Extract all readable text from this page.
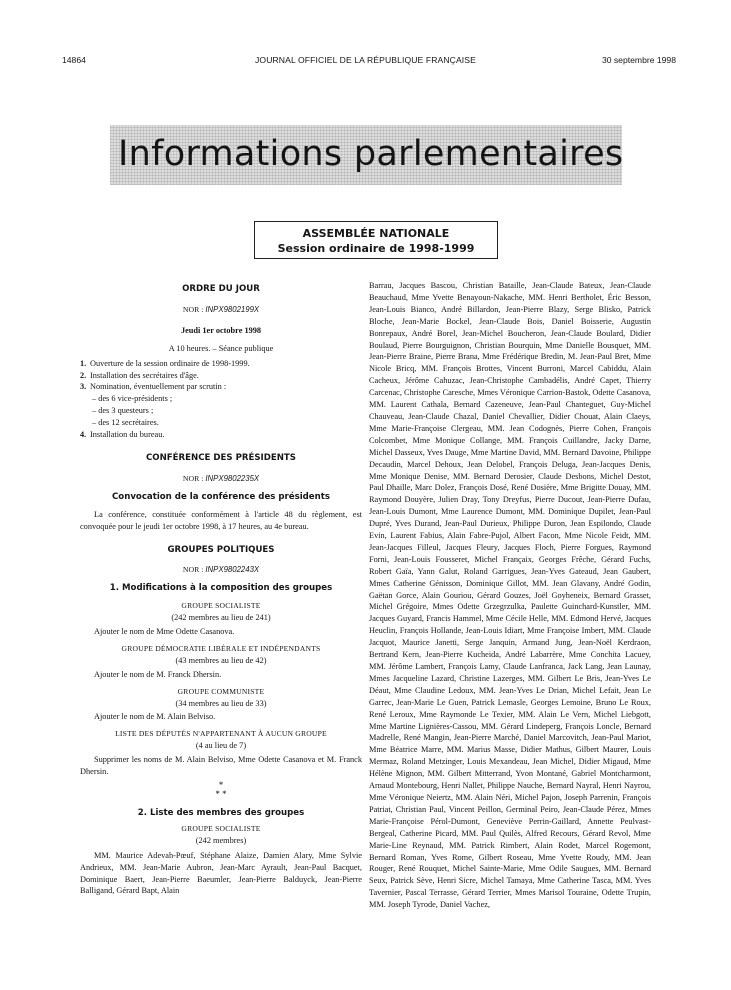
14864	JOURNAL OFFICIEL DE LA RÉPUBLIQUE FRANÇAISE	30 septembre 1998
Informations parlementaires
ASSEMBLÉE NATIONALE
Session ordinaire de 1998-1999
ORDRE DU JOUR
NOR : INPX9802199X
Jeudi 1er octobre 1998
A 10 heures. – Séance publique
1. Ouverture de la session ordinaire de 1998-1999.
2. Installation des secrétaires d'âge.
3. Nomination, éventuellement par scrutin :
– des 6 vice-présidents ;
– des 3 questeurs ;
– des 12 secrétaires.
4. Installation du bureau.
CONFÉRENCE DES PRÉSIDENTS
NOR : INPX9802235X
Convocation de la conférence des présidents
La conférence, constituée conformément à l'article 48 du règlement, est convoquée pour le jeudi 1er octobre 1998, à 17 heures, au 4e bureau.
GROUPES POLITIQUES
NOR : INPX9802243X
1. Modifications à la composition des groupes
GROUPE SOCIALISTE
(242 membres au lieu de 241)
Ajouter le nom de Mme Odette Casanova.
GROUPE DÉMOCRATIE LIBÉRALE ET INDÉPENDANTS
(43 membres au lieu de 42)
Ajouter le nom de M. Franck Dhersin.
GROUPE COMMUNISTE
(34 membres au lieu de 33)
Ajouter le nom de M. Alain Belviso.
LISTE DES DÉPUTÉS N'APPARTENANT À AUCUN GROUPE
(4 au lieu de 7)
Supprimer les noms de M. Alain Belviso, Mme Odette Casanova et M. Franck Dhersin.
*
* *
2. Liste des membres des groupes
GROUPE SOCIALISTE
(242 membres)
MM. Maurice Adevah-Pœuf, Stéphane Alaize, Damien Alary, Mme Sylvie Andrieux, MM. Jean-Marie Aubron, Jean-Marc Ayrault, Jean-Paul Bacquet, Dominique Baert, Jean-Pierre Baeumler, Jean-Pierre Balduyck, Jean-Pierre Balligand, Gérard Bapt, Alain
Barrau, Jacques Bascou, Christian Bataille, Jean-Claude Bateux, Jean-Claude Beauchaud, Mme Yvette Benayoun-Nakache, MM. Henri Bertholet, Éric Besson, Jean-Louis Bianco, André Billardon, Jean-Pierre Blazy, Serge Blisko, Patrick Bloche, Jean-Marie Bockel, Jean-Claude Bois, Daniel Boisserie, Augustin Bonrepaux, André Borel, Jean-Michel Boucheron, Jean-Claude Boulard, Didier Boulaud, Pierre Bourguignon, Christian Bourquin, Mme Danielle Bousquet, MM. Jean-Pierre Braine, Pierre Brana, Mme Frédérique Bredin, M. Jean-Paul Bret, Mme Nicole Bricq, MM. François Brottes, Vincent Burroni, Marcel Cabiddu, Alain Cacheux, Jérôme Cahuzac, Jean-Christophe Cambadélis, André Capet, Thierry Carcenac, Christophe Caresche, Mmes Véronique Carrion-Bastok, Odette Casanova, MM. Laurent Cathala, Bernard Cazeneuve, Jean-Paul Chanteguet, Guy-Michel Chauveau, Jean-Claude Chazal, Daniel Chevallier, Didier Chouat, Alain Claeys, Mme Marie-Françoise Clergeau, MM. Jean Codognès, Pierre Cohen, François Colcombet, Mme Monique Collange, MM. François Cuillandre, Jacky Darne, Michel Dasseux, Yves Dauge, Mme Martine David, MM. Bernard Davoine, Philippe Decaudin, Marcel Dehoux, Jean Delobel, François Deluga, Jean-Jacques Denis, Mme Monique Denise, MM. Bernard Derosier, Claude Desbons, Michel Destot, Paul Dhaille, Marc Dolez, François Dosé, René Dosière, Mme Brigitte Douay, MM. Raymond Douyère, Julien Dray, Tony Dreyfus, Pierre Ducout, Jean-Pierre Dufau, Jean-Louis Dumont, Mme Laurence Dumont, MM. Dominique Dupilet, Jean-Paul Dupré, Yves Durand, Jean-Paul Durieux, Philippe Duron, Jean Espilondo, Claude Evin, Laurent Fabius, Alain Fabre-Pujol, Albert Facon, Mme Nicole Feidt, MM. Jean-Jacques Filleul, Jacques Fleury, Jacques Floch, Pierre Forgues, Raymond Forni, Jean-Louis Fousseret, Michel Françaix, Georges Frêche, Gérard Fuchs, Robert Gaïa, Yann Galut, Roland Garrigues, Jean-Yves Gateaud, Jean Gaubert, Mmes Catherine Génisson, Dominique Gillot, MM. Jean Glavany, André Godin, Gaëtan Gorce, Alain Gouriou, Gérard Gouzes, Joël Goyheneix, Bernard Grasset, Michel Grégoire, Mmes Odette Grzegrzulka, Paulette Guinchard-Kunstler, MM. Jacques Guyard, Francis Hammel, Mme Cécile Helle, MM. Edmond Hervé, Jacques Heuclin, François Hollande, Jean-Louis Idiart, Mme Françoise Imbert, MM. Claude Jacquot, Maurice Janetti, Serge Janquin, Armand Jung, Jean-Noël Kerdraon, Bertrand Kern, Jean-Pierre Kucheida, André Labarrère, Mme Conchita Lacuey, MM. Jérôme Lambert, François Lamy, Claude Lanfranca, Jack Lang, Jean Launay, Mmes Jacqueline Lazard, Christine Lazerges, MM. Gilbert Le Bris, Jean-Yves Le Déaut, Mme Claudine Ledoux, MM. Jean-Yves Le Drian, Michel Lefait, Jean Le Garrec, Jean-Marie Le Guen, Patrick Lemasle, Georges Lemoine, Bruno Le Roux, René Leroux, Mme Raymonde Le Texier, MM. Alain Le Vern, Michel Liebgott, Mme Martine Lignières-Cassou, MM. Gérard Lindeperg, François Loncle, Bernard Madrelle, René Mangin, Jean-Pierre Marché, Daniel Marcovitch, Jean-Paul Mariot, Mme Béatrice Marre, MM. Marius Masse, Didier Mathus, Gilbert Maurer, Louis Mermaz, Roland Metzinger, Louis Mexandeau, Jean Michel, Didier Migaud, Mme Hélène Mignon, MM. Gilbert Mitterrand, Yvon Montané, Gabriel Montcharmont, Arnaud Montebourg, Henri Nallet, Philippe Nauche, Bernard Nayral, Henri Nayrou, Mme Véronique Neiertz, MM. Alain Néri, Michel Pajon, Joseph Parrenin, François Patriat, Christian Paul, Vincent Peillon, Germinal Peiro, Jean-Claude Pérez, Mmes Marie-Françoise Pérol-Dumont, Geneviève Perrin-Gaillard, Annette Peulvast-Bergeal, Catherine Picard, MM. Paul Quilès, Alfred Recours, Gérard Revol, Mme Marie-Line Reynaud, MM. Patrick Rimbert, Alain Rodet, Marcel Rogemont, Bernard Roman, Yves Rome, Gilbert Roseau, Mme Yvette Roudy, MM. Jean Rouger, René Rouquet, Michel Sainte-Marie, Mme Odile Saugues, MM. Bernard Seux, Patrick Sève, Henri Sicre, Michel Tamaya, Mme Catherine Tasca, MM. Yves Tavernier, Pascal Terrasse, Gérard Terrier, Mmes Marisol Touraine, Odette Trupin, MM. Joseph Tyrode, Daniel Vachez,
